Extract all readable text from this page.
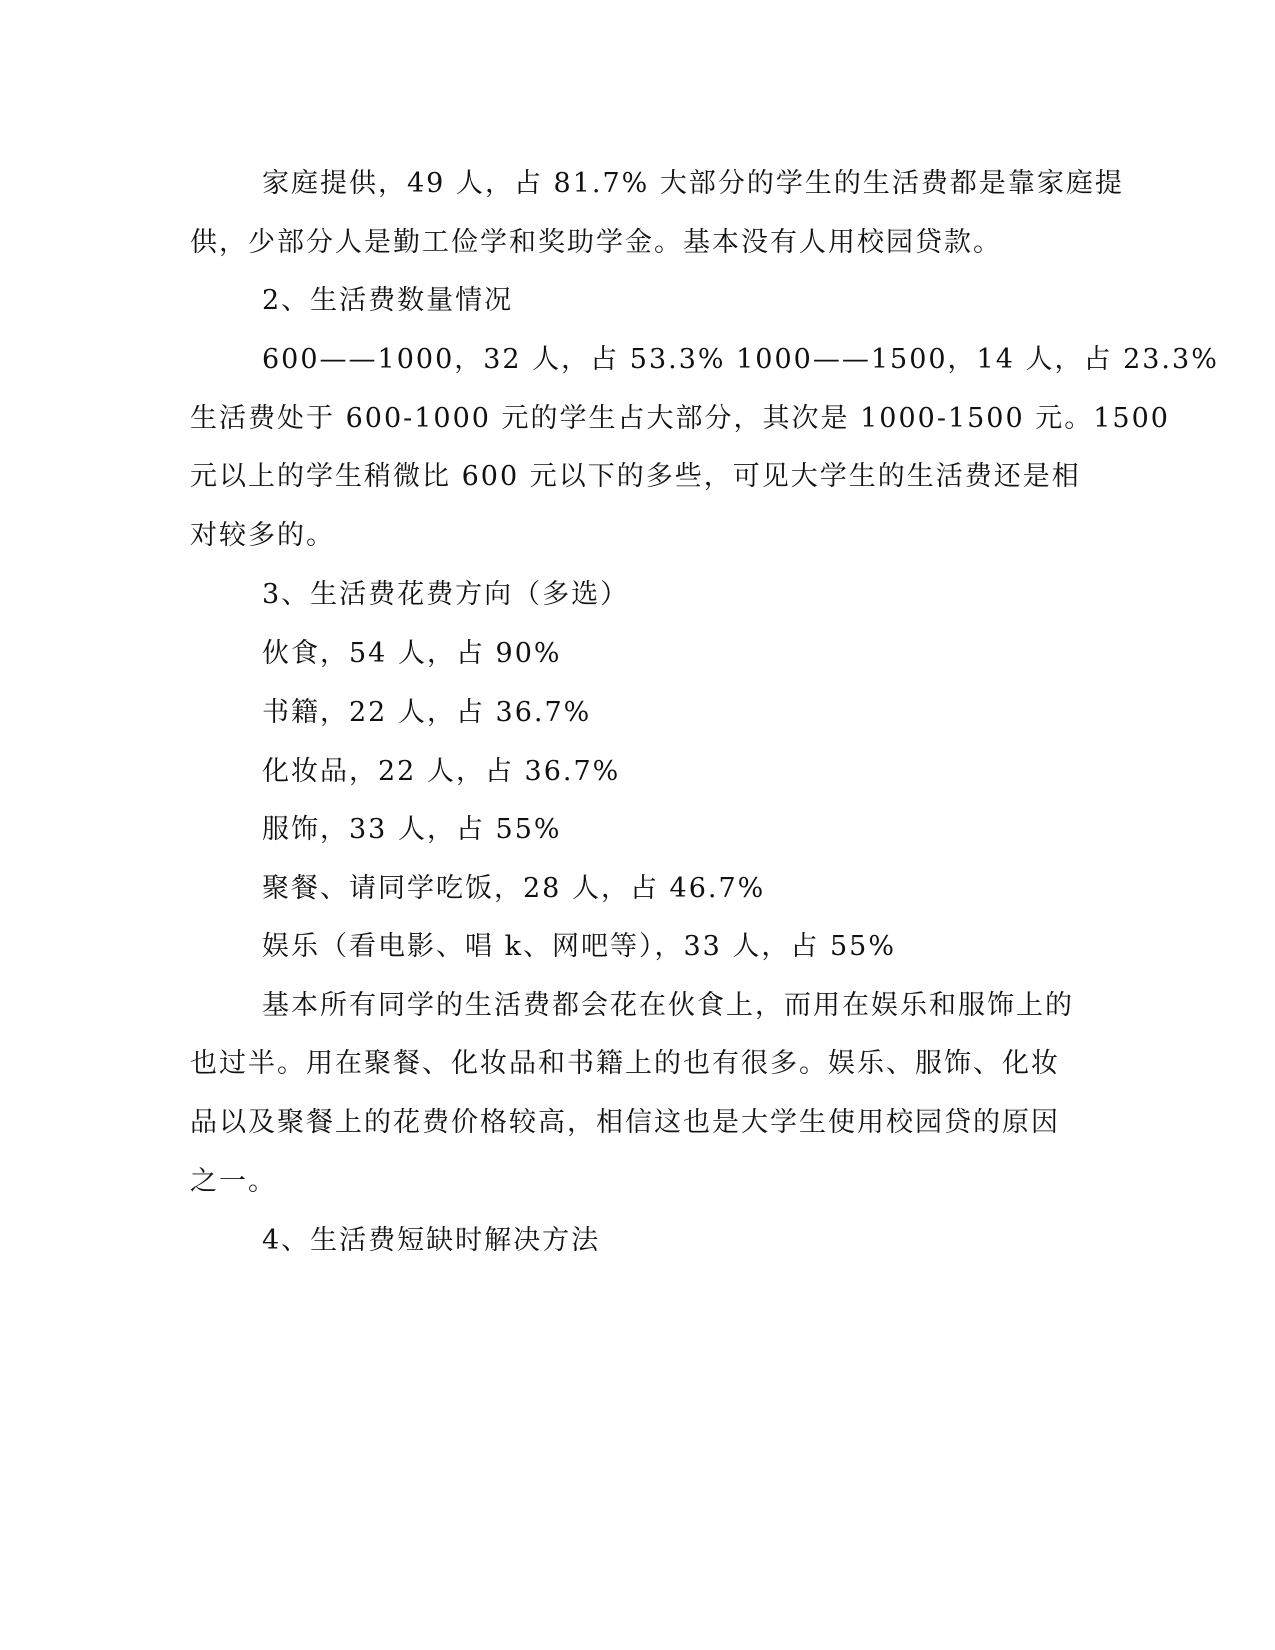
家庭提供，49 人，占 81.7% 大部分的学生的生活费都是靠家庭提
供，少部分人是勤工俭学和奖助学金。基本没有人用校园贷款。
2、生活费数量情况
600——1000，32 人，占 53.3% 1000——1500，14 人，占 23.3%
生活费处于 600-1000 元的学生占大部分，其次是 1000-1500 元。1500
元以上的学生稍微比 600 元以下的多些，可见大学生的生活费还是相
对较多的。
3、生活费花费方向（多选）
伙食，54 人，占 90%
书籍，22 人，占 36.7%
化妆品，22 人，占 36.7%
服饰，33 人，占 55%
聚餐、请同学吃饭，28 人，占 46.7%
娱乐（看电影、唱 k、网吧等），33 人，占 55%
基本所有同学的生活费都会花在伙食上，而用在娱乐和服饰上的
也过半。用在聚餐、化妆品和书籍上的也有很多。娱乐、服饰、化妆
品以及聚餐上的花费价格较高，相信这也是大学生使用校园贷的原因
之一。
4、生活费短缺时解决方法
